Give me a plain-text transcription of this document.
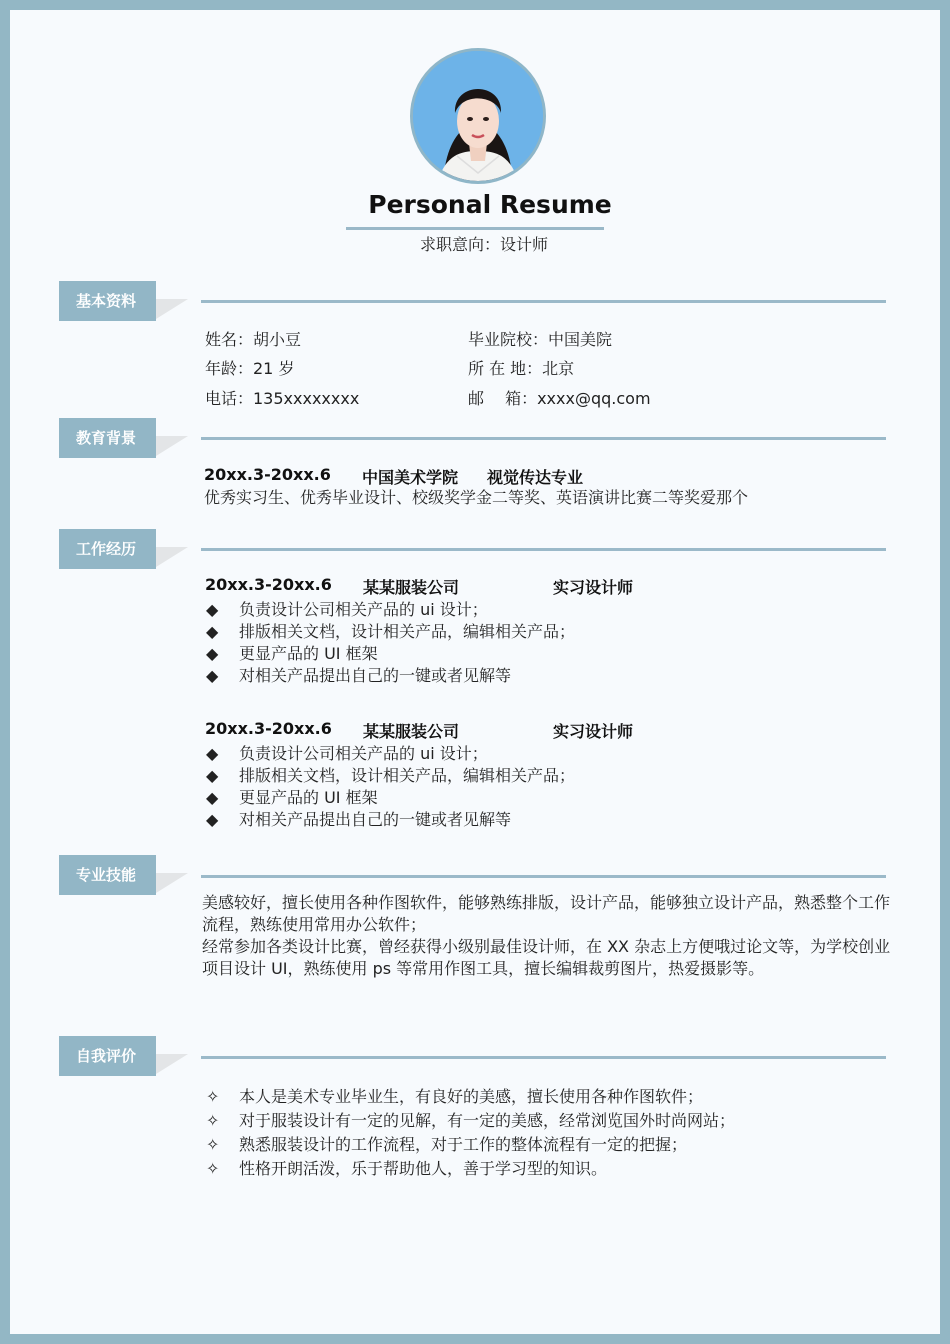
Personal Resume
求职意向：设计师
基本资料
姓名：胡小豆
年龄：21 岁
电话：135xxxxxxxx
毕业院校：中国美院
所 在 地：北京
邮　 箱：xxxx@qq.com
教育背景
20xx.3-20xx.6 中国美术学院 视觉传达专业
优秀实习生、优秀毕业设计、校级奖学金二等奖、英语演讲比赛二等奖爱那个
工作经历
20xx.3-20xx.6 某某服装公司	实习设计师
◆ 负责设计公司相关产品的 ui 设计；
◆ 排版相关文档，设计相关产品，编辑相关产品；
◆ 更显产品的 UI 框架
◆ 对相关产品提出自己的一键或者见解等
20xx.3-20xx.6 某某服装公司	实习设计师
◆ 负责设计公司相关产品的 ui 设计；
◆ 排版相关文档，设计相关产品，编辑相关产品；
◆ 更显产品的 UI 框架
◆ 对相关产品提出自己的一键或者见解等
专业技能
美感较好，擅长使用各种作图软件，能够熟练排版，设计产品，能够独立设计产品，熟悉整个工作流程，熟练使用常用办公软件；
经常参加各类设计比赛，曾经获得小级别最佳设计师，在 XX 杂志上方便哦过论文等，为学校创业项目设计 UI，熟练使用 ps 等常用作图工具，擅长编辑裁剪图片，热爱摄影等。
自我评价
✧ 本人是美术专业毕业生，有良好的美感，擅长使用各种作图软件；
✧ 对于服装设计有一定的见解，有一定的美感，经常浏览国外时尚网站；
✧ 熟悉服装设计的工作流程，对于工作的整体流程有一定的把握；
✧ 性格开朗活泼，乐于帮助他人，善于学习型的知识。
